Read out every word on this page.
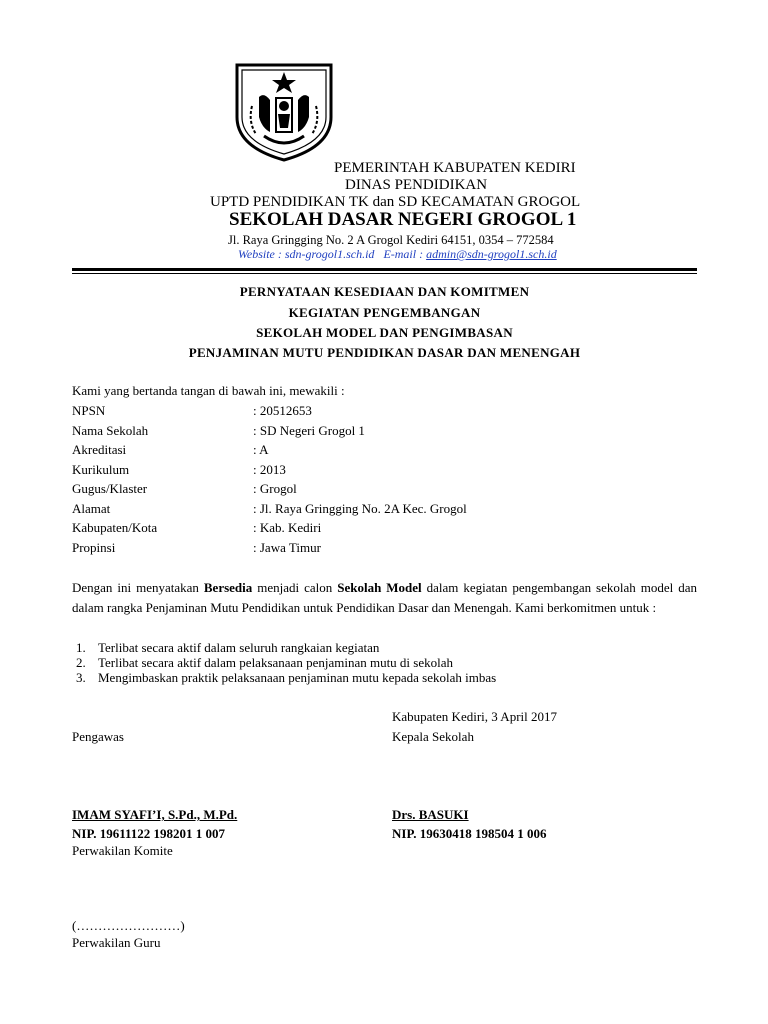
PEMERINTAH KABUPATEN KEDIRI
DINAS PENDIDIKAN
UPTD PENDIDIKAN TK dan SD KECAMATAN GROGOL
SEKOLAH DASAR NEGERI GROGOL 1
Jl. Raya Gringging No. 2 A Grogol Kediri 64151, 0354 – 772584
Website : sdn-grogol1.sch.id E-mail : admin@sdn-grogol1.sch.id
PERNYATAAN KESEDIAAN DAN KOMITMEN
KEGIATAN PENGEMBANGAN
SEKOLAH MODEL DAN PENGIMBASAN
PENJAMINAN MUTU PENDIDIKAN DASAR DAN MENENGAH
Kami yang bertanda tangan di bawah ini, mewakili :
NPSN	: 20512653
Nama Sekolah	: SD Negeri Grogol 1
Akreditasi	: A
Kurikulum	: 2013
Gugus/Klaster	: Grogol
Alamat	: Jl. Raya Gringging No. 2A Kec. Grogol
Kabupaten/Kota	: Kab. Kediri
Propinsi	: Jawa Timur
Dengan ini menyatakan Bersedia menjadi calon Sekolah Model dalam kegiatan pengembangan sekolah model dan dalam rangka Penjaminan Mutu Pendidikan untuk Pendidikan Dasar dan Menengah. Kami berkomitmen untuk :
1. Terlibat secara aktif dalam seluruh rangkaian kegiatan
2. Terlibat secara aktif dalam pelaksanaan penjaminan mutu di sekolah
3. Mengimbaskan praktik pelaksanaan penjaminan mutu kepada sekolah imbas
Kabupaten Kediri, 3 April 2017
Pengawas	Kepala Sekolah
IMAM SYAFI’I, S.Pd., M.Pd.
NIP. 19611122 198201 1 007
Drs. BASUKI
NIP. 19630418 198504 1 006
Perwakilan Komite
(……………………)
Perwakilan Guru
